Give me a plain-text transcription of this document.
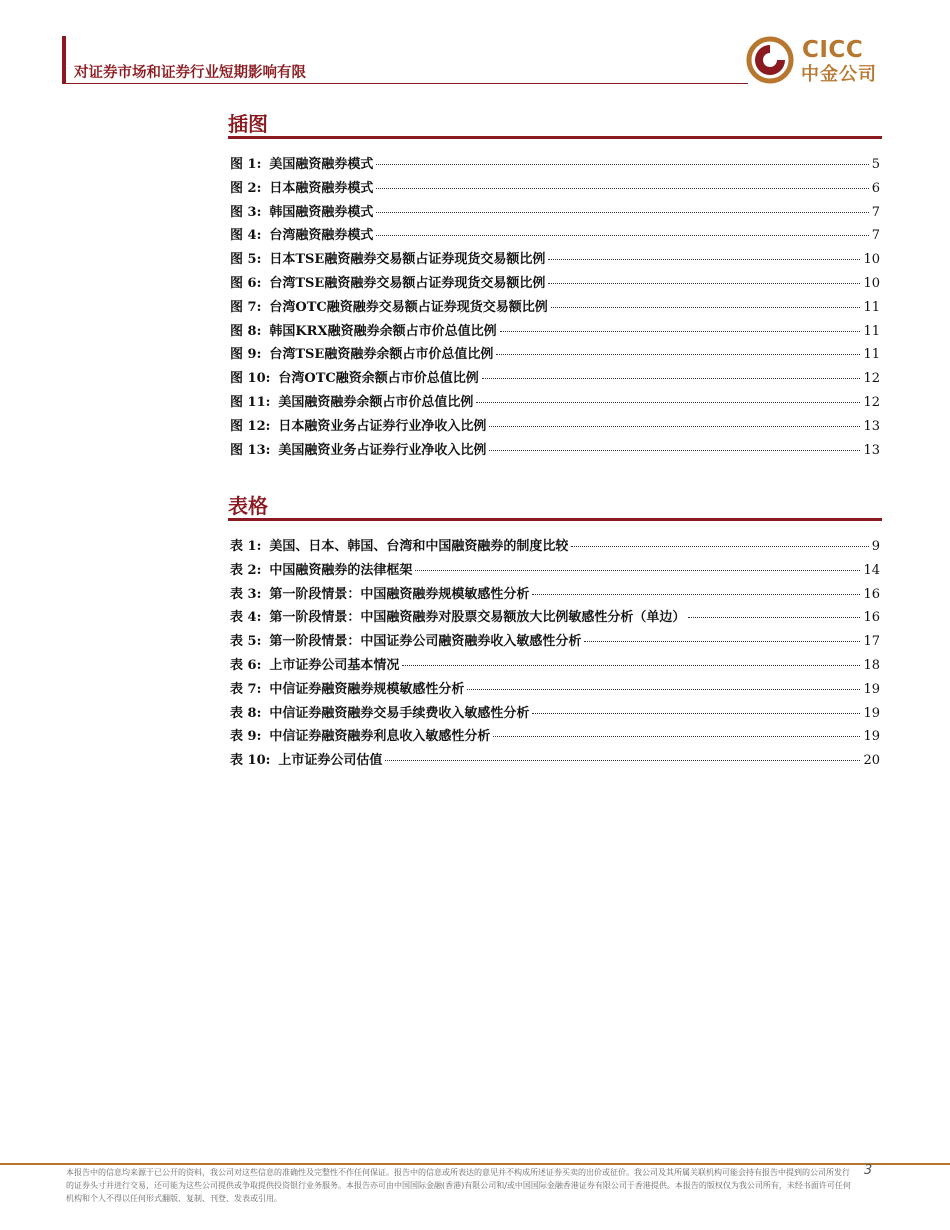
对证券市场和证券行业短期影响有限
CICC
中金公司
插图
图 1: 美国融资融券模式	5
图 2: 日本融资融券模式	6
图 3: 韩国融资融券模式	7
图 4: 台湾融资融券模式	7
图 5: 日本TSE融资融券交易额占证券现货交易额比例	10
图 6: 台湾TSE融资融券交易额占证券现货交易额比例	10
图 7: 台湾OTC融资融券交易额占证券现货交易额比例	11
图 8: 韩国KRX融资融券余额占市价总值比例	11
图 9: 台湾TSE融资融券余额占市价总值比例	11
图 10: 台湾OTC融资余额占市价总值比例	12
图 11: 美国融资融券余额占市价总值比例	12
图 12: 日本融资业务占证券行业净收入比例	13
图 13: 美国融资业务占证券行业净收入比例	13
表格
表 1: 美国、日本、韩国、台湾和中国融资融券的制度比较	9
表 2: 中国融资融券的法律框架	14
表 3: 第一阶段情景：中国融资融券规模敏感性分析	16
表 4: 第一阶段情景：中国融资融券对股票交易额放大比例敏感性分析（单边）	16
表 5: 第一阶段情景：中国证券公司融资融券收入敏感性分析	17
表 6: 上市证券公司基本情况	18
表 7: 中信证券融资融券规模敏感性分析	19
表 8: 中信证券融资融券交易手续费收入敏感性分析	19
表 9: 中信证券融资融券利息收入敏感性分析	19
表 10: 上市证券公司估值	20
本报告中的信息均来源于已公开的资料，我公司对这些信息的准确性及完整性不作任何保证。报告中的信息或所表达的意见并不构成所述证券买卖的出价或征价。我公司及其所属关联机构可能会持有报告中提到的公司所发行的证券头寸并进行交易，还可能为这些公司提供或争取提供投资银行业务服务。本报告亦可由中国国际金融(香港)有限公司和/或中国国际金融香港证券有限公司于香港提供。本报告的版权仅为我公司所有，未经书面许可任何机构和个人不得以任何形式翻版、复制、刊登、发表或引用。
3
